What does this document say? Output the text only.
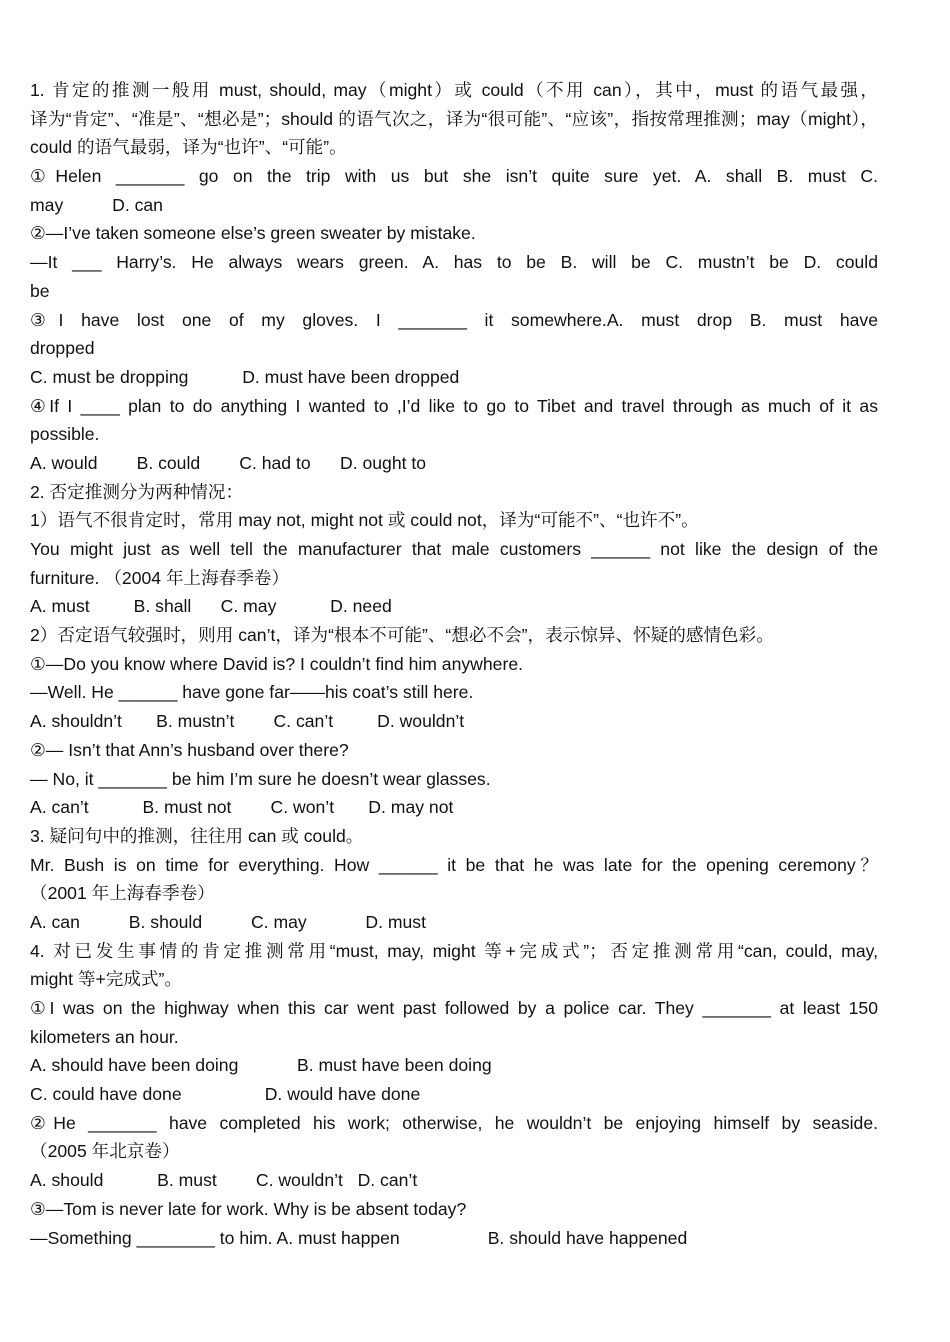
1. 肯定的推测一般用 must, should, may（might）或 could（不用 can），其中，must 的语气最强，
译为“肯定”、“准是”、“想必是”；should 的语气次之，译为“很可能”、“应该”，指按常理推测；may（might），
could 的语气最弱，译为“也许”、“可能”。
①Helen _______ go on the trip with us but she isn’t quite sure yet. A. shall B. must C.
may          D. can
②—I’ve taken someone else’s green sweater by mistake.
—It ___ Harry’s. He always wears green. A. has to be B. will be C. mustn’t be D. could
be
③I have lost one of my gloves. I _______ it somewhere.A. must drop B. must have
dropped
C. must be dropping           D. must have been dropped
④If I ____ plan to do anything I wanted to ,I’d like to go to Tibet and travel through as much of it as
possible.
A. would        B. could        C. had to      D. ought to
2. 否定推测分为两种情况：
1）语气不很肯定时，常用 may not, might not 或 could not，译为“可能不”、“也许不”。
You might just as well tell the manufacturer that male customers ______ not like the design of the
furniture. （2004 年上海春季卷）
A. must         B. shall      C. may           D. need
2）否定语气较强时，则用 can’t，译为“根本不可能”、“想必不会”，表示惊异、怀疑的感情色彩。
①—Do you know where David is? I couldn’t find him anywhere.
—Well. He ______ have gone far——his coat’s still here.
A. shouldn’t       B. mustn’t        C. can’t         D. wouldn’t
②— Isn’t that Ann’s husband over there?
— No, it _______ be him I’m sure he doesn’t wear glasses.
A. can’t           B. must not        C. won’t       D. may not
3. 疑问句中的推测，往往用 can 或 could。
Mr. Bush is on time for everything. How ______ it be that he was late for the opening ceremony？
（2001 年上海春季卷）
A. can          B. should          C. may            D. must
4. 对已发生事情的肯定推测常用“must, may, might 等+完成式”；否定推测常用“can, could, may,
might 等+完成式”。
①I was on the highway when this car went past followed by a police car. They _______ at least 150
kilometers an hour.
A. should have been doing            B. must have been doing
C. could have done                 D. would have done
②He _______ have completed his work; otherwise, he wouldn’t be enjoying himself by seaside.
（2005 年北京卷）
A. should           B. must        C. wouldn’t   D. can’t
③—Tom is never late for work. Why is be absent today?
—Something ________ to him. A. must happen                  B. should have happened
